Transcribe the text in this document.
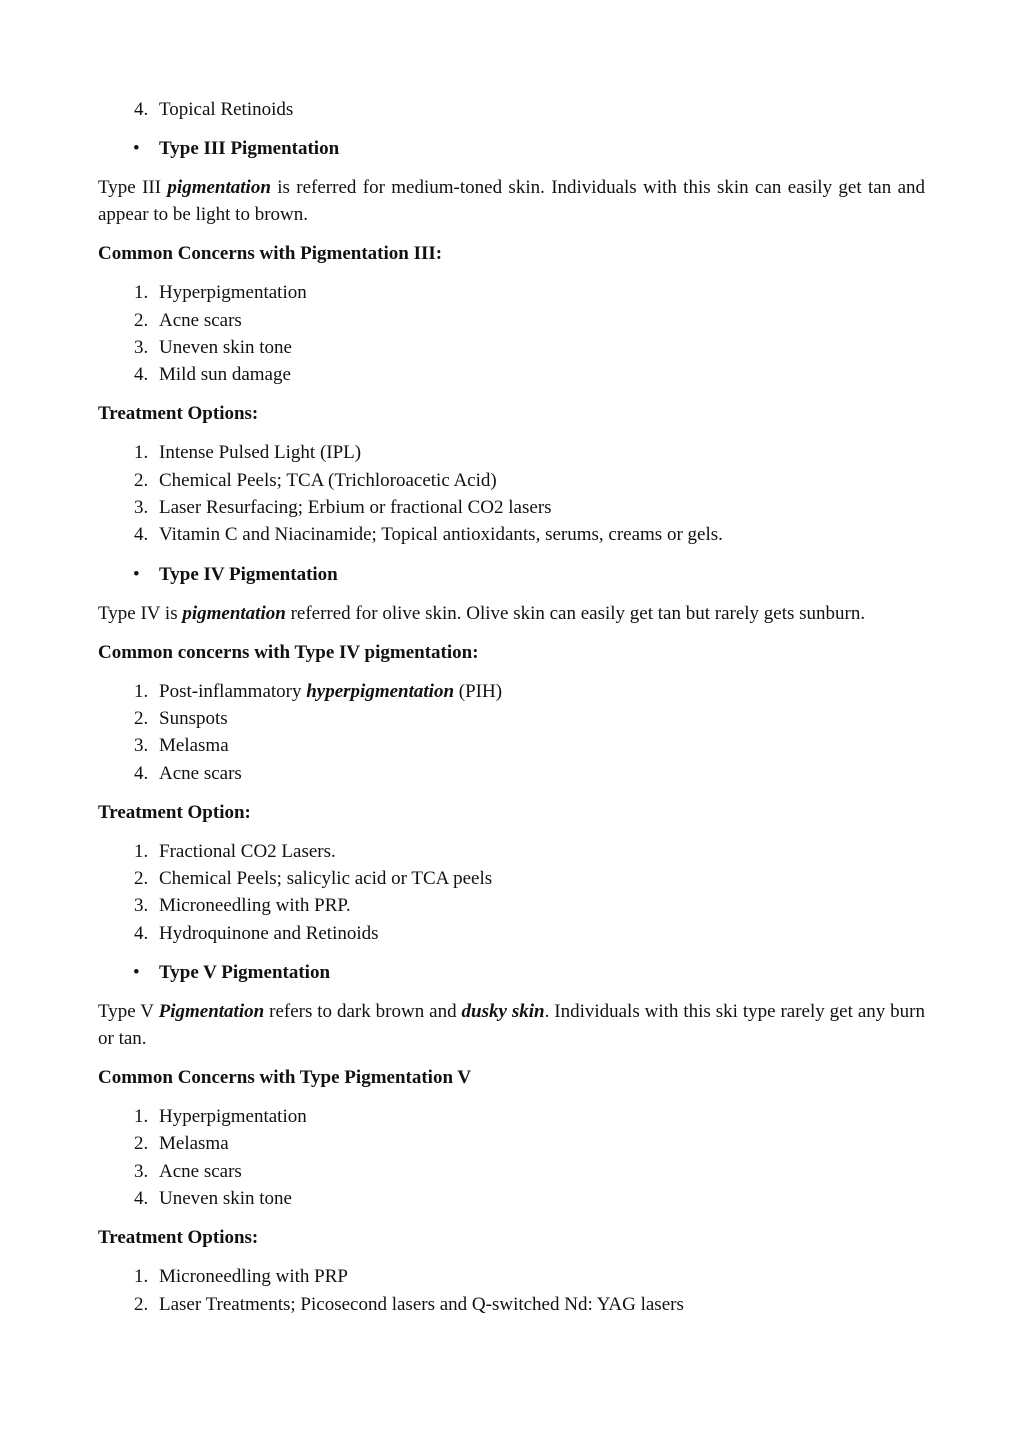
4. Topical Retinoids

• Type III Pigmentation

Type III pigmentation is referred for medium-toned skin. Individuals with this skin can easily get tan and appear to be light to brown.

Common Concerns with Pigmentation III:

1. Hyperpigmentation
2. Acne scars
3. Uneven skin tone
4. Mild sun damage

Treatment Options:

1. Intense Pulsed Light (IPL)
2. Chemical Peels; TCA (Trichloroacetic Acid)
3. Laser Resurfacing; Erbium or fractional CO2 lasers
4. Vitamin C and Niacinamide; Topical antioxidants, serums, creams or gels.

• Type IV Pigmentation

Type IV is pigmentation referred for olive skin. Olive skin can easily get tan but rarely gets sunburn.

Common concerns with Type IV pigmentation:

1. Post-inflammatory hyperpigmentation (PIH)
2. Sunspots
3. Melasma
4. Acne scars

Treatment Option:

1. Fractional CO2 Lasers.
2. Chemical Peels; salicylic acid or TCA peels
3. Microneedling with PRP.
4. Hydroquinone and Retinoids

• Type V Pigmentation

Type V Pigmentation refers to dark brown and dusky skin. Individuals with this ski type rarely get any burn or tan.

Common Concerns with Type Pigmentation V

1. Hyperpigmentation
2. Melasma
3. Acne scars
4. Uneven skin tone

Treatment Options:

1. Microneedling with PRP
2. Laser Treatments; Picosecond lasers and Q-switched Nd: YAG lasers
